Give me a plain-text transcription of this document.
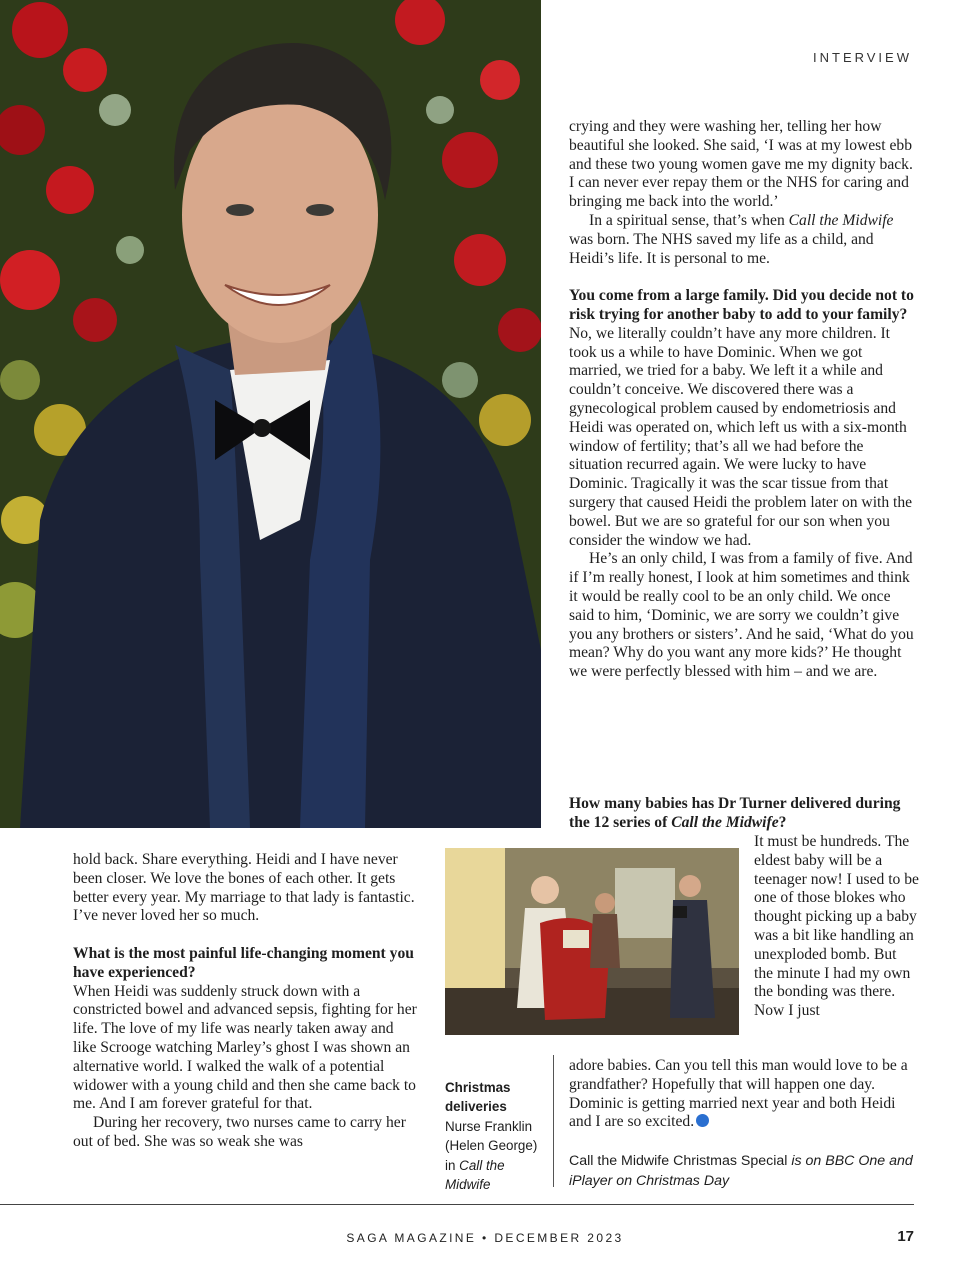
INTERVIEW

crying and they were washing her, telling her how beautiful she looked. She said, ‘I was at my lowest ebb and these two young women gave me my dignity back. I can never ever repay them or the NHS for caring and bringing me back into the world.’

In a spiritual sense, that’s when Call the Midwife was born. The NHS saved my life as a child, and Heidi’s life. It is personal to me.

You come from a large family. Did you decide not to risk trying for another baby to add to your family?

No, we literally couldn’t have any more children. It took us a while to have Dominic. When we got married, we tried for a baby. We left it a while and couldn’t conceive. We discovered there was a gynecological problem caused by endometriosis and Heidi was operated on, which left us with a six-month window of fertility; that’s all we had before the situation recurred again. We were lucky to have Dominic. Tragically it was the scar tissue from that surgery that caused Heidi the problem later on with the bowel. But we are so grateful for our son when you consider the window we had.

He’s an only child, I was from a family of five. And if I’m really honest, I look at him sometimes and think it would be really cool to be an only child. We once said to him, ‘Dominic, we are sorry we couldn’t give you any brothers or sisters’. And he said, ‘What do you mean? Why do you want any more kids?’ He thought we were perfectly blessed with him – and we are.

How many babies has Dr Turner delivered during the 12 series of Call the Midwife?

It must be hundreds. The eldest baby will be a teenager now! I used to be one of those blokes who thought picking up a baby was a bit like handling an unexploded bomb. But the minute I had my own the bonding was there. Now I just
adore babies. Can you tell this man would love to be a grandfather? Hopefully that will happen one day. Dominic is getting married next year and both Heidi and I are so excited.

hold back. Share everything. Heidi and I have never been closer. We love the bones of each other. It gets better every year. My marriage to that lady is fantastic. I’ve never loved her so much.

What is the most painful life-changing moment you have experienced?

When Heidi was suddenly struck down with a constricted bowel and advanced sepsis, fighting for her life. The love of my life was nearly taken away and like Scrooge watching Marley’s ghost I was shown an alternative world. I walked the walk of a potential widower with a young child and then she came back to me. And I am forever grateful for that.

During her recovery, two nurses came to carry her out of bed. She was so weak she was

Christmas deliveries
Nurse Franklin (Helen George) in Call the Midwife
Call the Midwife Christmas Special is on BBC One and iPlayer on Christmas Day
SAGA MAGAZINE • DECEMBER 2023	17
